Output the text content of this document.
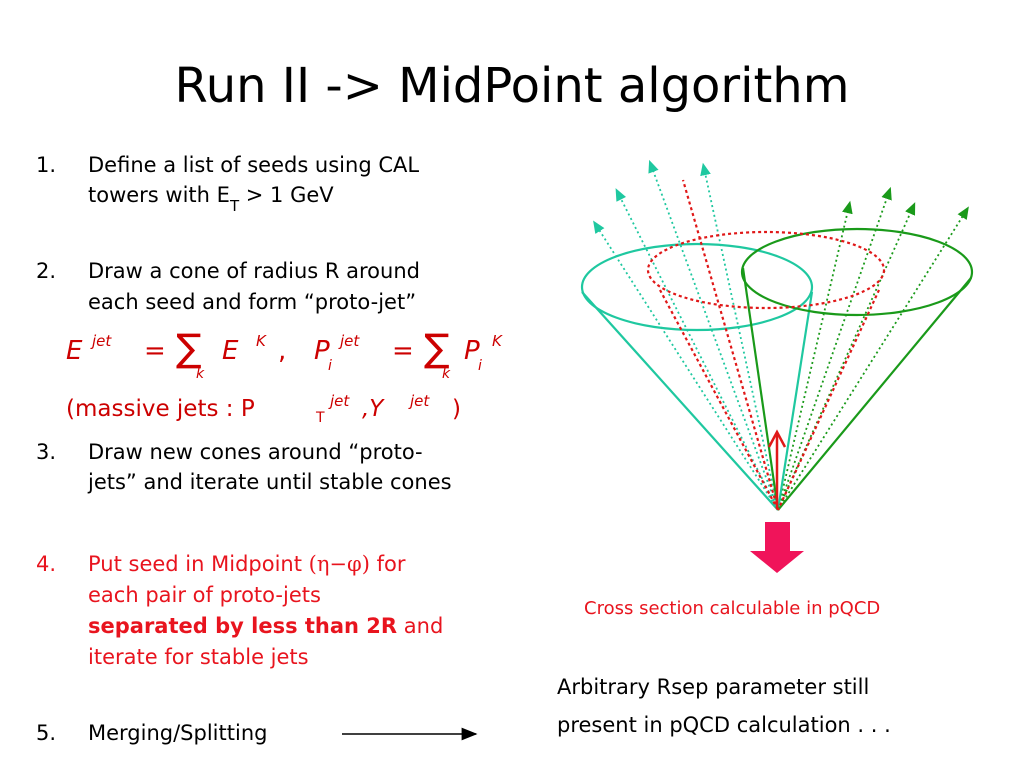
Run II -> MidPoint algorithm
1. Define a list of seeds using CAL
towers with $E_T > 1$ GeV
2. Draw a cone of radius R around
each seed and form “proto-jet”
E jet = ∑
k
E K , P
i
jet = ∑
k
P
i
K
(massive jets : P	T
jet ,Y jet )
3. Draw new cones around “proto-
jets” and iterate until stable cones
4. Put seed in Midpoint (η−φ) for
each pair of proto-jets
separated by less than 2R and
iterate for stable jets
5. Merging/Splitting
Cross section calculable in pQCD
Arbitrary Rsep parameter still
present in pQCD calculation . . .
